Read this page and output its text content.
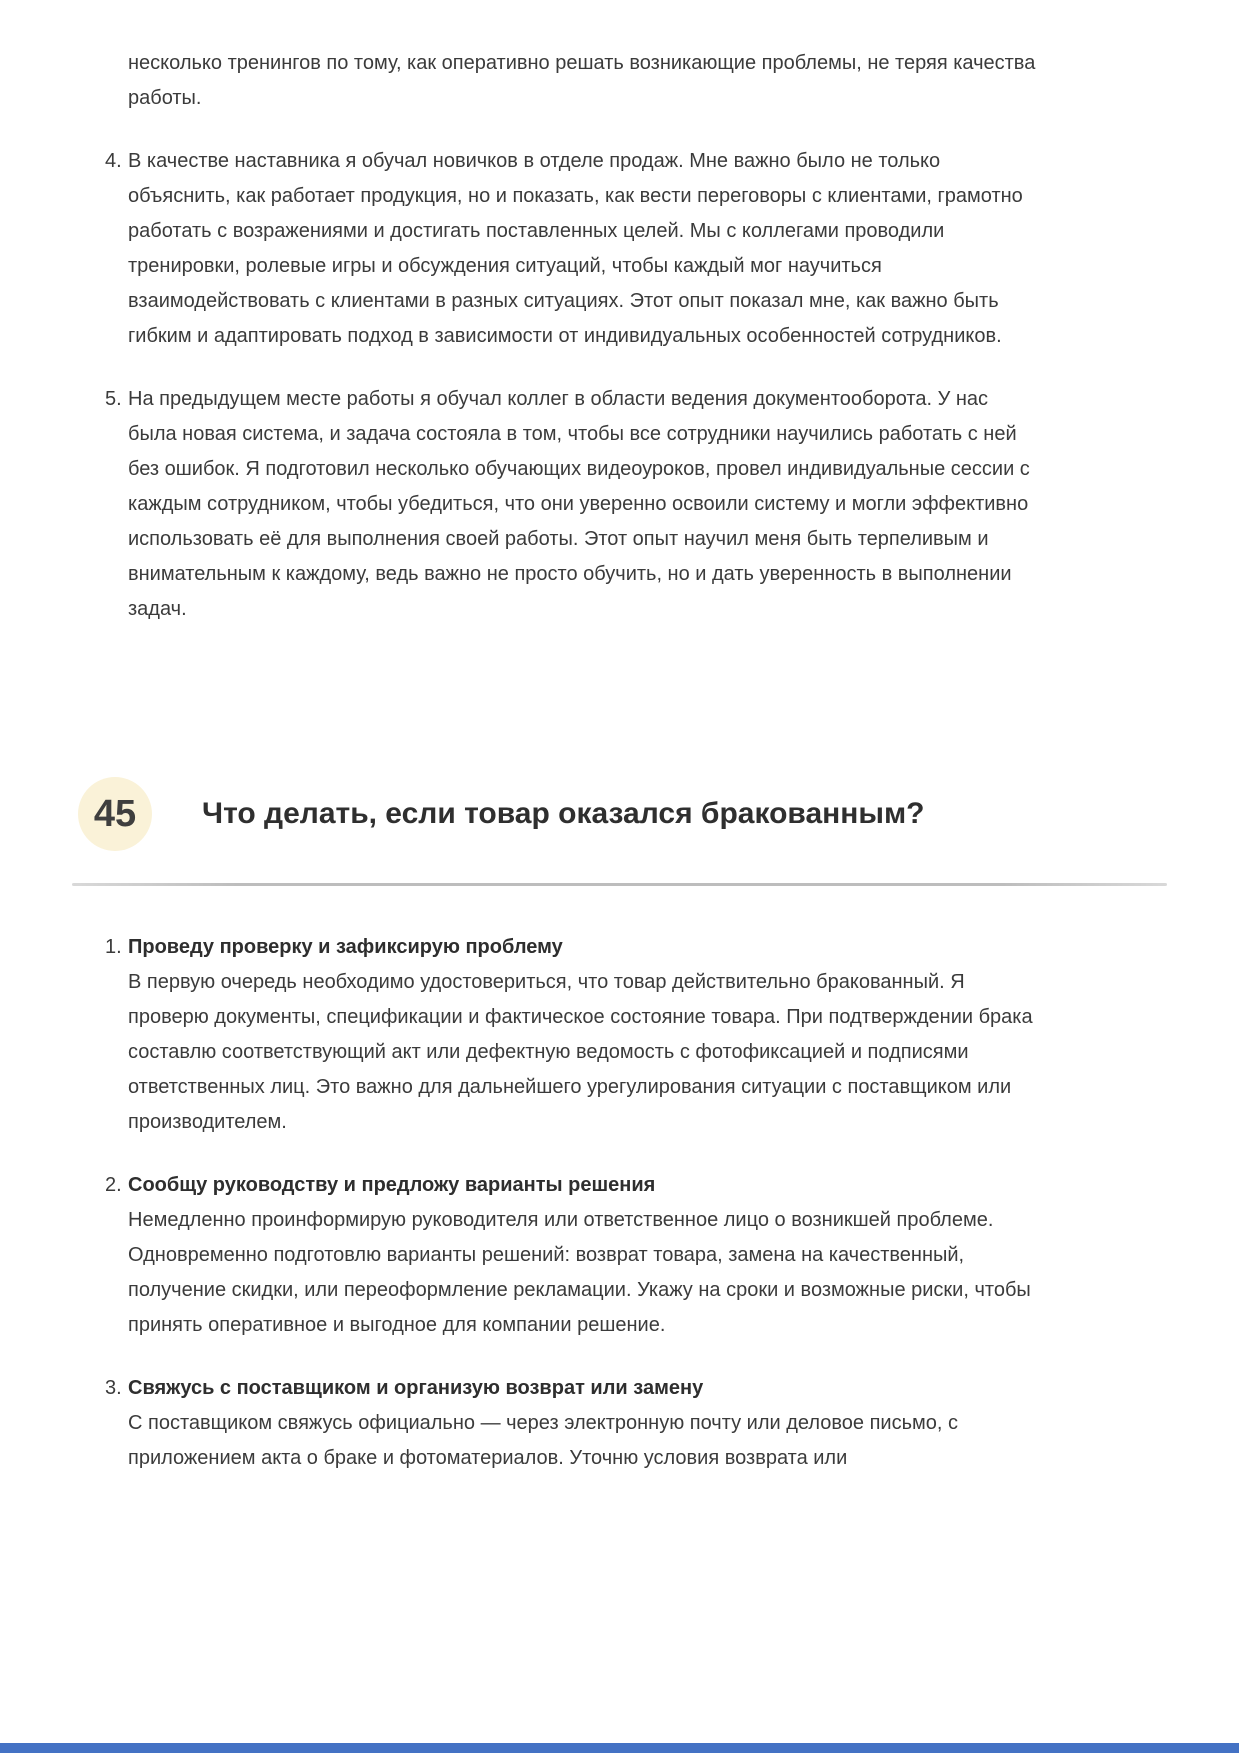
несколько тренингов по тому, как оперативно решать возникающие проблемы, не теряя качества работы.

4. В качестве наставника я обучал новичков в отделе продаж. Мне важно было не только объяснить, как работает продукция, но и показать, как вести переговоры с клиентами, грамотно работать с возражениями и достигать поставленных целей. Мы с коллегами проводили тренировки, ролевые игры и обсуждения ситуаций, чтобы каждый мог научиться взаимодействовать с клиентами в разных ситуациях. Этот опыт показал мне, как важно быть гибким и адаптировать подход в зависимости от индивидуальных особенностей сотрудников.
5. На предыдущем месте работы я обучал коллег в области ведения документооборота. У нас была новая система, и задача состояла в том, чтобы все сотрудники научились работать с ней без ошибок. Я подготовил несколько обучающих видеоуроков, провел индивидуальные сессии с каждым сотрудником, чтобы убедиться, что они уверенно освоили систему и могли эффективно использовать её для выполнения своей работы. Этот опыт научил меня быть терпеливым и внимательным к каждому, ведь важно не просто обучить, но и дать уверенность в выполнении задач.
45	Что делать, если товар оказался бракованным?
1. Проведу проверку и зафиксирую проблему
В первую очередь необходимо удостовериться, что товар действительно бракованный. Я проверю документы, спецификации и фактическое состояние товара. При подтверждении брака составлю соответствующий акт или дефектную ведомость с фотофиксацией и подписями ответственных лиц. Это важно для дальнейшего урегулирования ситуации с поставщиком или производителем.
2. Сообщу руководству и предложу варианты решения
Немедленно проинформирую руководителя или ответственное лицо о возникшей проблеме. Одновременно подготовлю варианты решений: возврат товара, замена на качественный, получение скидки, или переоформление рекламации. Укажу на сроки и возможные риски, чтобы принять оперативное и выгодное для компании решение.
3. Свяжусь с поставщиком и организую возврат или замену
С поставщиком свяжусь официально — через электронную почту или деловое письмо, с приложением акта о браке и фотоматериалов. Уточню условия возврата или
